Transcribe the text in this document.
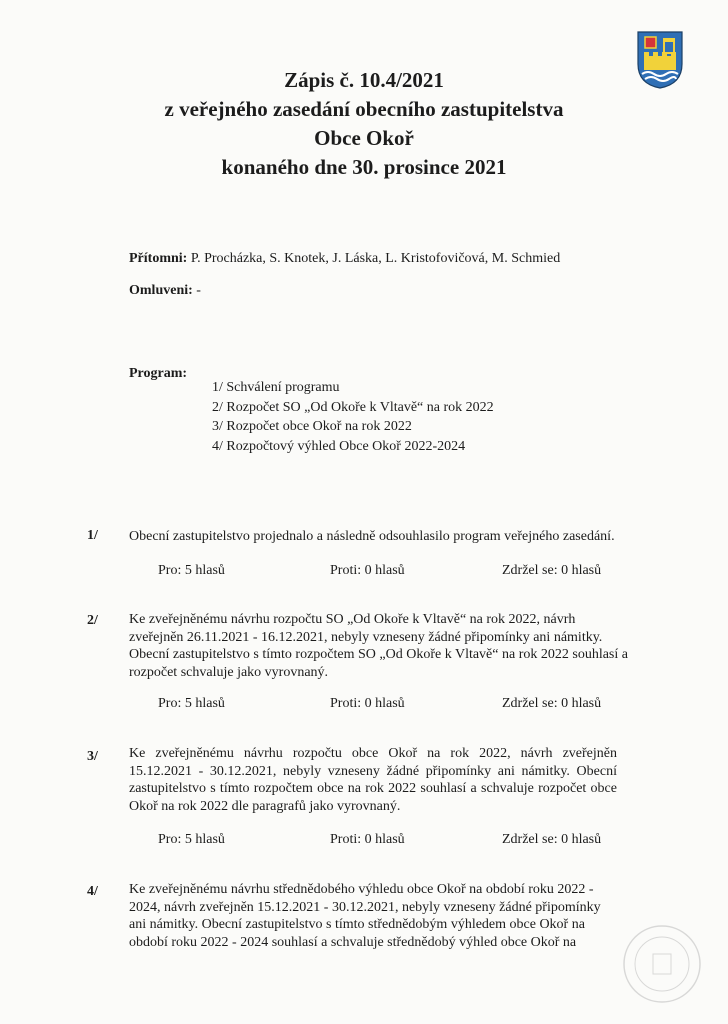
Zápis č. 10.4/2021
z veřejného zasedání obecního zastupitelstva
Obce Okoř
konaného dne 30. prosince 2021
Přítomni: P. Procházka, S. Knotek, J. Láska, L. Kristofovičová, M. Schmied
Omluveni: -
Program:
1/ Schválení programu
2/ Rozpočet SO „Od Okoře k Vltavě“ na rok 2022
3/ Rozpočet obce Okoř na rok 2022
4/ Rozpočtový výhled Obce Okoř 2022-2024
1/ Obecní zastupitelstvo projednalo a následně odsouhlasilo program veřejného zasedání.
Pro: 5 hlasů	Proti: 0 hlasů	Zdržel se: 0 hlasů
2/ Ke zveřejněnému návrhu rozpočtu SO „Od Okoře k Vltavě“ na rok 2022, návrh zveřejněn 26.11.2021 - 16.12.2021, nebyly vzneseny žádné připomínky ani námitky. Obecní zastupitelstvo s tímto rozpočtem SO „Od Okoře k Vltavě“ na rok 2022 souhlasí a rozpočet schvaluje jako vyrovnaný.
Pro: 5 hlasů	Proti: 0 hlasů	Zdržel se: 0 hlasů
3/ Ke zveřejněnému návrhu rozpočtu obce Okoř na rok 2022, návrh zveřejněn 15.12.2021 - 30.12.2021, nebyly vzneseny žádné připomínky ani námitky. Obecní zastupitelstvo s tímto rozpočtem obce na rok 2022 souhlasí a schvaluje rozpočet obce Okoř na rok 2022 dle paragrafů jako vyrovnaný.
Pro: 5 hlasů	Proti: 0 hlasů	Zdržel se: 0 hlasů
4/ Ke zveřejněnému návrhu střednědobého výhledu obce Okoř na období roku 2022 - 2024, návrh zveřejněn 15.12.2021 - 30.12.2021, nebyly vzneseny žádné připomínky ani námitky. Obecní zastupitelstvo s tímto střednědobým výhledem obce Okoř na období roku 2022 - 2024 souhlasí a schvaluje střednědobý výhled obce Okoř na
